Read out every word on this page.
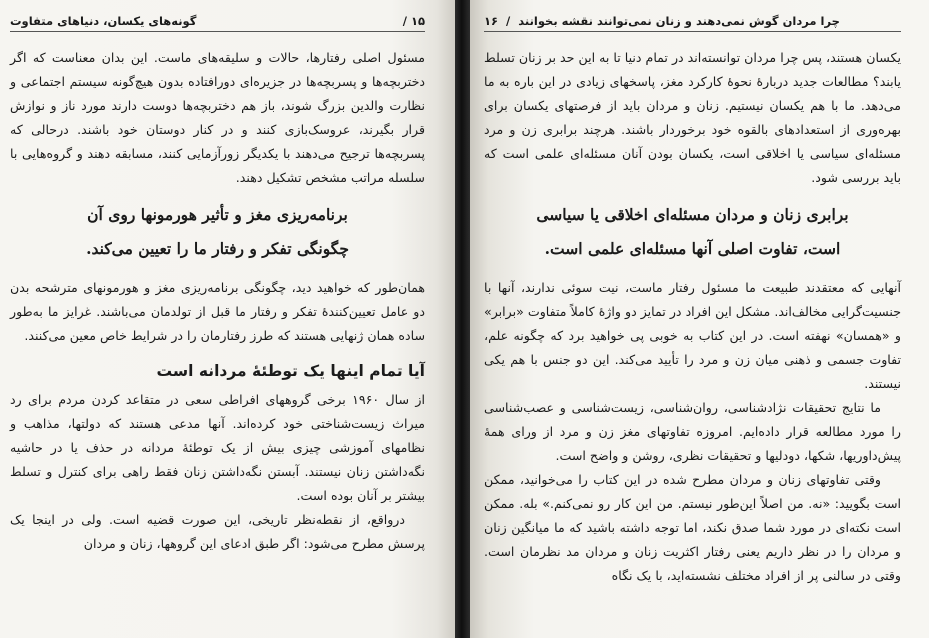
گونه‌های یکسان، دنیاهای متفاوت	/ ۱۵

مسئول اصلی رفتارها، حالات و سلیقه‌های ماست. این بدان معناست که اگر دختربچه‌ها و پسربچه‌ها در جزیره‌ای دورافتاده بدون هیچ‌گونه سیستم اجتماعی و نظارت والدین بزرگ شوند، باز هم دختربچه‌ها دوست دارند مورد ناز و نوازش قرار بگیرند، عروسک‌بازی کنند و در کنار دوستان خود باشند. درحالی که پسربچه‌ها ترجیح می‌دهند با یکدیگر زورآزمایی کنند، مسابقه دهند و گروه‌هایی با سلسله مراتب مشخص تشکیل دهند.

برنامه‌ریزی مغز و تأثیر هورمونها روی آن
چگونگی تفکر و رفتار ما را تعیین می‌کند.

همان‌طور که خواهید دید، چگونگی برنامه‌ریزی مغز و هورمونهای مترشحه بدن دو عامل تعیین‌کنندهٔ تفکر و رفتار ما قبل از تولدمان می‌باشند. غرایز ما به‌طور ساده همان ژنهایی هستند که طرز رفتارمان را در شرایط خاص معین می‌کنند.

آیا تمام اینها یک توطئهٔ مردانه است

از سال ۱۹۶۰ برخی گروههای افراطی سعی در متقاعد کردن مردم برای رد میراث زیست‌شناختی خود کرده‌اند. آنها مدعی هستند که دولتها، مذاهب و نظامهای آموزشی چیزی بیش از یک توطئهٔ مردانه در حذف یا در حاشیه نگه‌داشتن زنان نیستند. آبستن نگه‌داشتن زنان فقط راهی برای کنترل و تسلط بیشتر بر آنان بوده است.

درواقع، از نقطه‌نظر تاریخی، این صورت قضیه است. ولی در اینجا یک پرسش مطرح می‌شود: اگر طبق ادعای این گروهها، زنان و مردان

۱۶ / چرا مردان گوش نمی‌دهند و زنان نمی‌توانند نقشه بخوانند

یکسان هستند، پس چرا مردان توانسته‌اند در تمام دنیا تا به این حد بر زنان تسلط یابند؟ مطالعات جدید دربارهٔ نحوهٔ کارکرد مغز، پاسخهای زیادی در این باره به ما می‌دهد. ما با هم یکسان نیستیم. زنان و مردان باید از فرصتهای یکسان برای بهره‌وری از استعدادهای بالقوه خود برخوردار باشند. هرچند برابری زن و مرد مسئله‌ای سیاسی یا اخلاقی است، یکسان بودن آنان مسئله‌ای علمی است که باید بررسی شود.

برابری زنان و مردان مسئله‌ای اخلاقی یا سیاسی
است، تفاوت اصلی آنها مسئله‌ای علمی است.

آنهایی که معتقدند طبیعت ما مسئول رفتار ماست، نیت سوئی ندارند، آنها با جنسیت‌گرایی مخالف‌اند. مشکل این افراد در تمایز دو واژهٔ کاملاً متفاوت «برابر» و «همسان» نهفته است. در این کتاب به خوبی پی خواهید برد که چگونه علم، تفاوت جسمی و ذهنی میان زن و مرد را تأیید می‌کند. این دو جنس با هم یکی نیستند.

ما نتایج تحقیقات نژادشناسی، روان‌شناسی، زیست‌شناسی و عصب‌شناسی را مورد مطالعه قرار داده‌ایم. امروزه تفاوتهای مغز زن و مرد از ورای همهٔ پیش‌داوریها، شکها، دودلیها و تحقیقات نظری، روشن و واضح است.

وقتی تفاوتهای زنان و مردان مطرح شده در این کتاب را می‌خوانید، ممکن است بگویید: «نه. من اصلاً این‌طور نیستم. من این کار رو نمی‌کنم.» بله. ممکن است نکته‌ای در مورد شما صدق نکند، اما توجه داشته باشید که ما میانگین زنان و مردان را در نظر داریم یعنی رفتار اکثریت زنان و مردان مد نظرمان است. وقتی در سالنی پر از افراد مختلف نشسته‌اید، با یک نگاه
